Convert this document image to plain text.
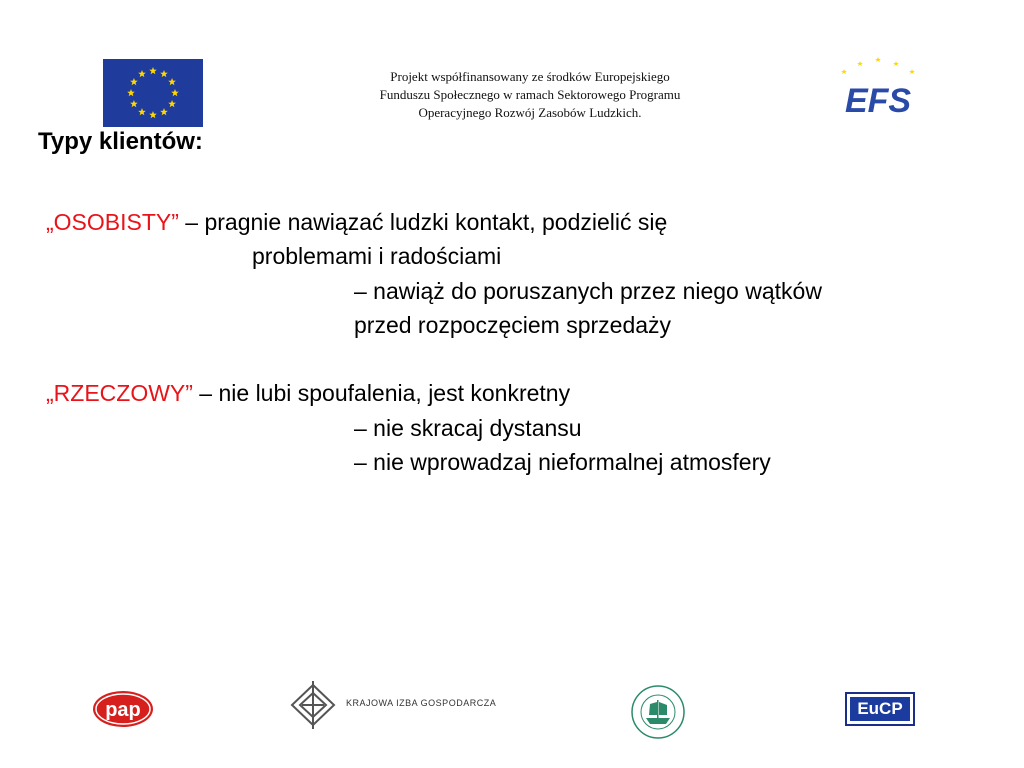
Projekt współfinansowany ze środków Europejskiego
Funduszu Społecznego w ramach Sektorowego Programu
Operacyjnego Rozwój Zasobów Ludzkich.	EFS
Typy klientów:
„OSOBISTY” – pragnie nawiązać ludzki kontakt, podzielić się
problemami i radościami
– nawiąż do poruszanych przez niego wątków
przed rozpoczęciem sprzedaży
„RZECZOWY” – nie lubi spoufalenia, jest konkretny
– nie skracaj dystansu
– nie wprowadzaj nieformalnej atmosfery
pap	KRAJOWA IZBA GOSPODARCZA	EuCP
